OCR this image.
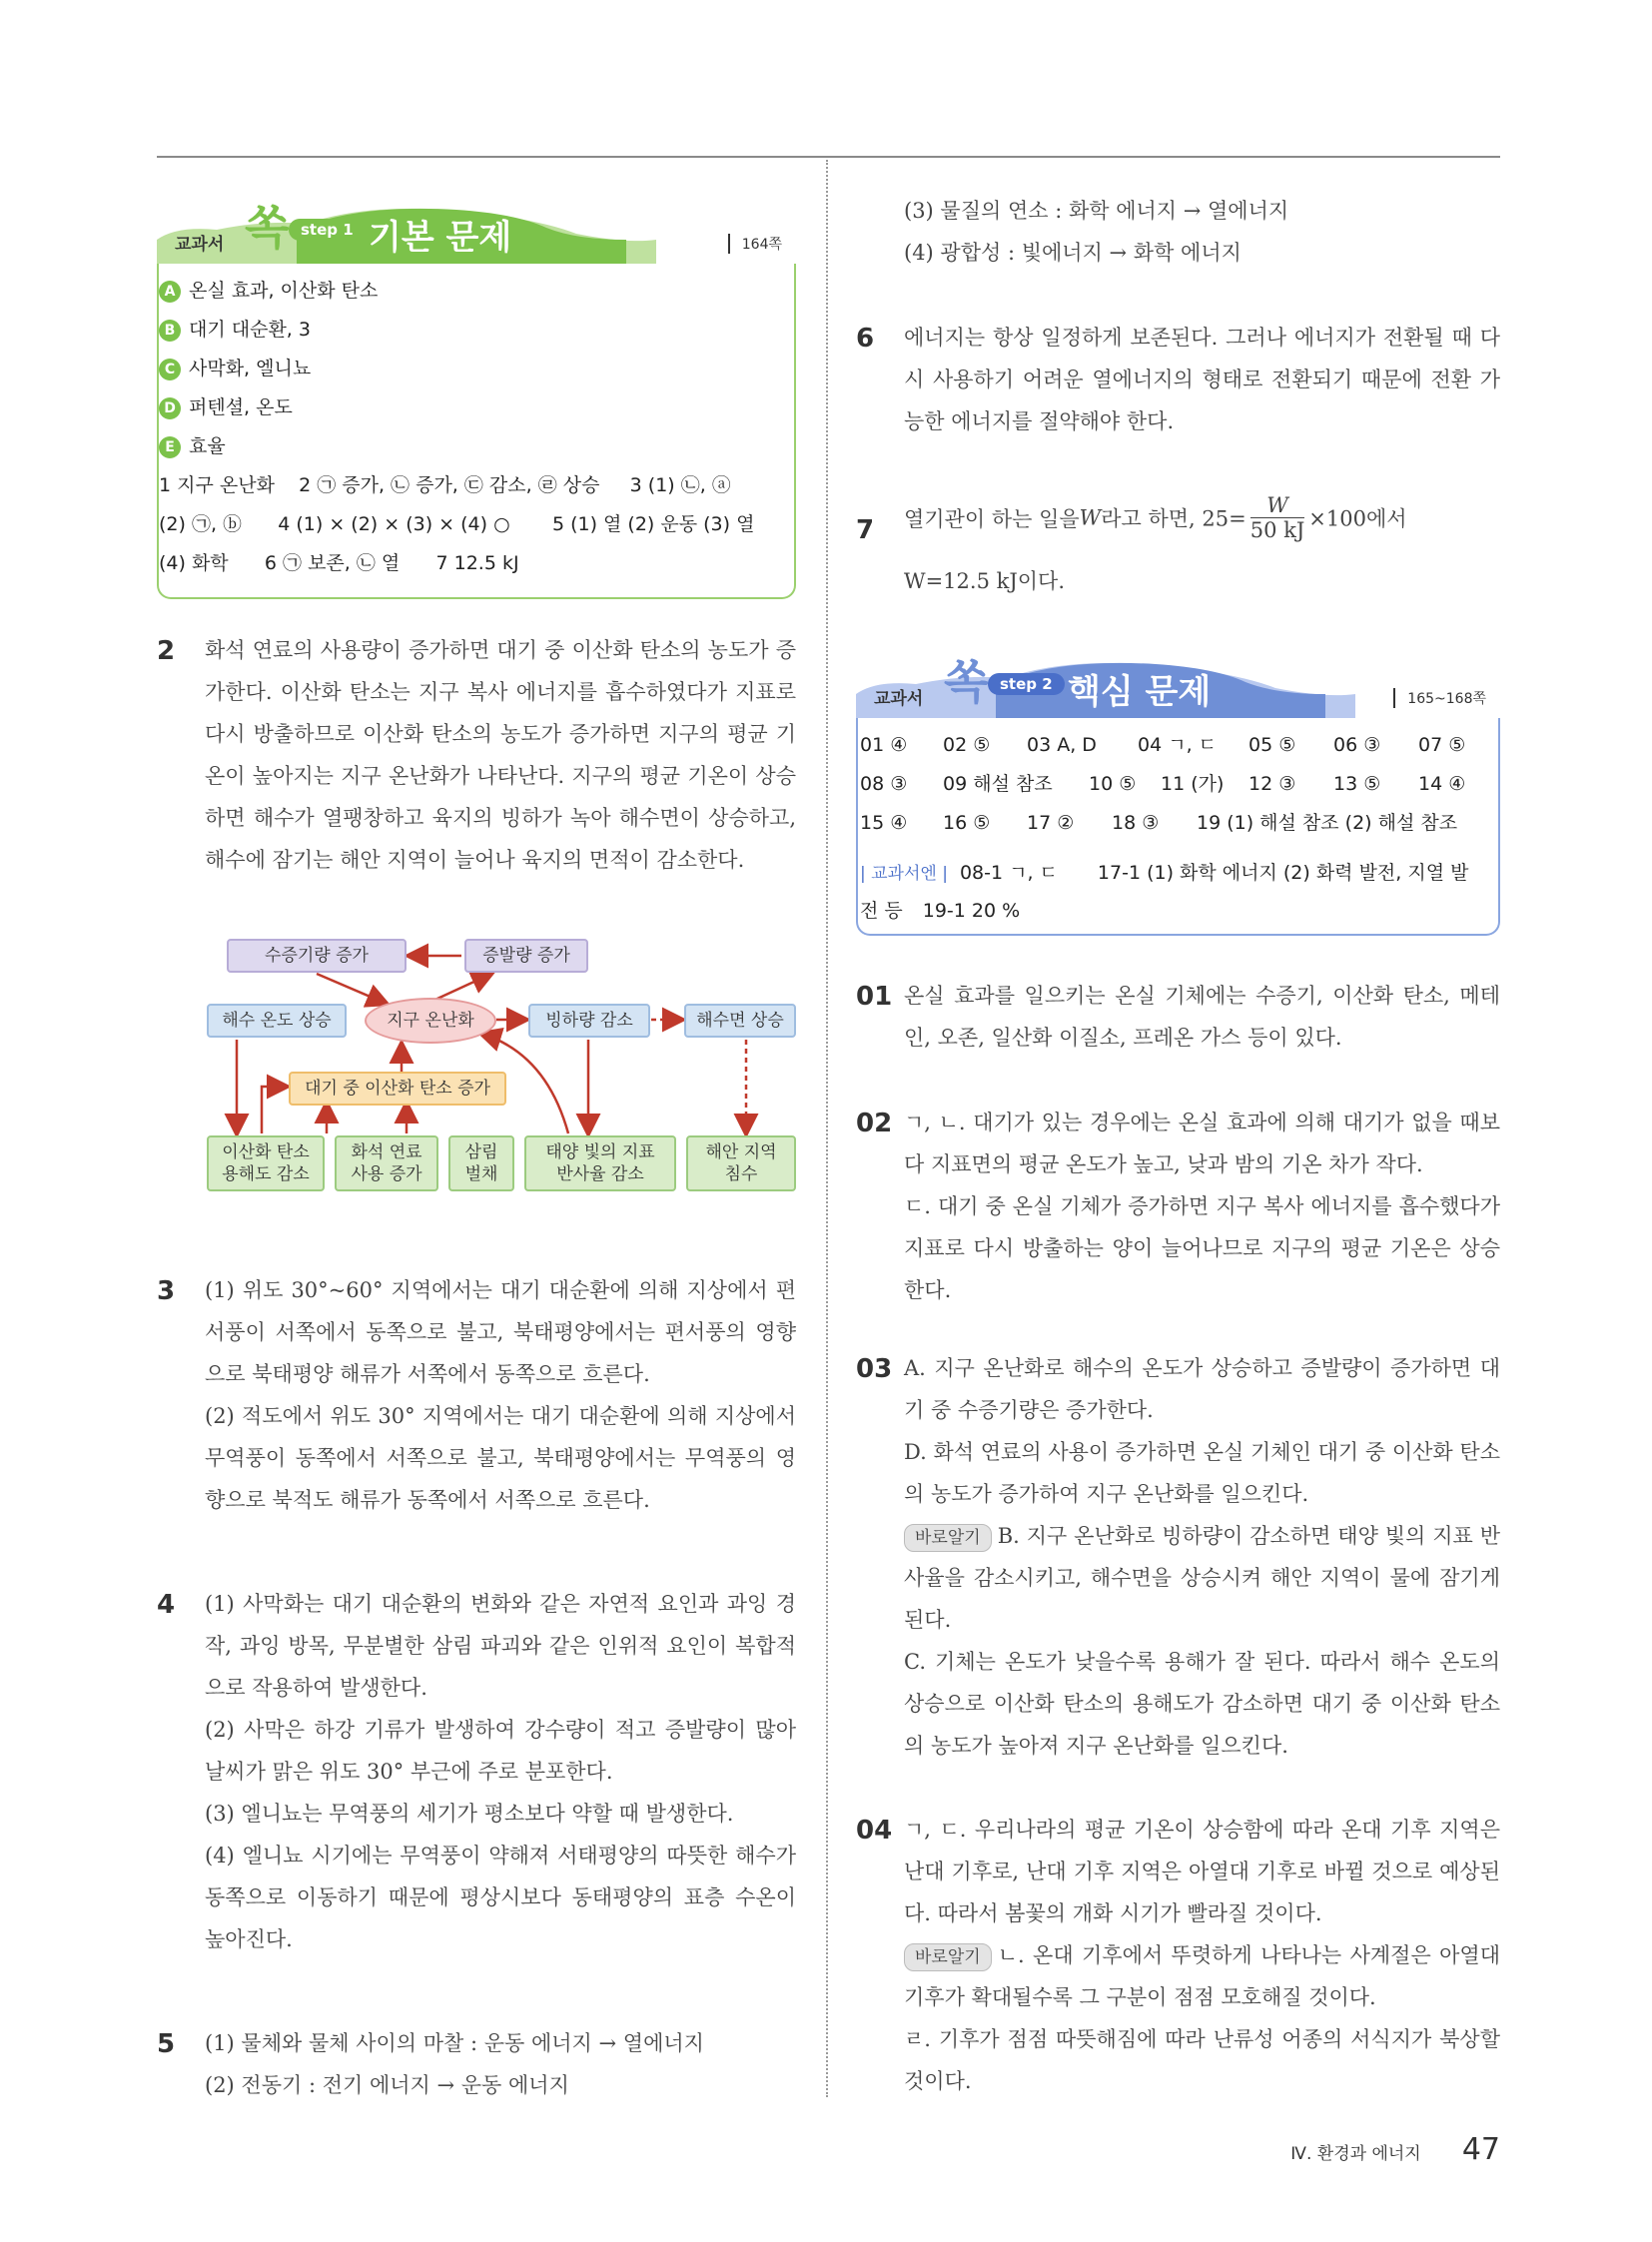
교과서 쏙 step 1 기본 문제	164쪽
A 온실 효과, 이산화 탄소
B 대기 대순환, 3
C 사막화, 엘니뇨
D 퍼텐셜, 온도
E 효율
1 지구 온난화    2 ㉠ 증가, ㉡ 증가, ㉢ 감소, ㉣ 상승     3 (1) ㉡, ⓐ
(2) ㉠, ⓑ      4 (1) × (2) × (3) × (4) ○       5 (1) 열 (2) 운동 (3) 열
(4) 화학      6 ㉠ 보존, ㉡ 열      7 12.5 kJ
2 화석 연료의 사용량이 증가하면 대기 중 이산화 탄소의 농도가 증가한다. 이산화 탄소는 지구 복사 에너지를 흡수하였다가 지표로 다시 방출하므로 이산화 탄소의 농도가 증가하면 지구의 평균 기온이 높아지는 지구 온난화가 나타난다. 지구의 평균 기온이 상승하면 해수가 열팽창하고 육지의 빙하가 녹아 해수면이 상승하고, 해수에 잠기는 해안 지역이 늘어나 육지의 면적이 감소한다.
수증기량 증가	증발량 증가
해수 온도 상승	지구 온난화	빙하량 감소	해수면 상승
대기 중 이산화 탄소 증가
이산화 탄소
용해도 감소
화석 연료
사용 증가
삼림
벌채
태양 빛의 지표
반사율 감소
해안 지역
침수
3 (1) 위도 30°~60° 지역에서는 대기 대순환에 의해 지상에서 편서풍이 서쪽에서 동쪽으로 불고, 북태평양에서는 편서풍의 영향으로 북태평양 해류가 서쪽에서 동쪽으로 흐른다.

(2) 적도에서 위도 30° 지역에서는 대기 대순환에 의해 지상에서 무역풍이 동쪽에서 서쪽으로 불고, 북태평양에서는 무역풍의 영향으로 북적도 해류가 동쪽에서 서쪽으로 흐른다.

4 (1) 사막화는 대기 대순환의 변화와 같은 자연적 요인과 과잉 경작, 과잉 방목, 무분별한 삼림 파괴와 같은 인위적 요인이 복합적으로 작용하여 발생한다.

(2) 사막은 하강 기류가 발생하여 강수량이 적고 증발량이 많아 날씨가 맑은 위도 30° 부근에 주로 분포한다.

(3) 엘니뇨는 무역풍의 세기가 평소보다 약할 때 발생한다.

(4) 엘니뇨 시기에는 무역풍이 약해져 서태평양의 따뜻한 해수가 동쪽으로 이동하기 때문에 평상시보다 동태평양의 표층 수온이 높아진다.

5 (1) 물체와 물체 사이의 마찰 : 운동 에너지 → 열에너지

(2) 전동기 : 전기 에너지 → 운동 에너지

(3) 물질의 연소 : 화학 에너지 → 열에너지

(4) 광합성 : 빛에너지 → 화학 에너지

6 에너지는 항상 일정하게 보존된다. 그러나 에너지가 전환될 때 다시 사용하기 어려운 열에너지의 형태로 전환되기 때문에 전환 가능한 에너지를 절약해야 한다.
7 열기관이 하는 일을W라고 하면, $25= \frac{W}{50 kJ} \times 100$에서
W=12.5 kJ이다.
교과서 쏙 step 2 핵심 문제	165~168쪽
01 ④ 02 ⑤ 03 A, D 04 ㄱ, ㄷ 05 ⑤ 06 ③ 07 ⑤
08 ③ 09 해설 참조 10 ⑤ 11 (가) 12 ③ 13 ⑤ 14 ④
15 ④ 16 ⑤ 17 ② 18 ③ 19 (1) 해설 참조 (2) 해설 참조
| 교과서엔 | 08-1 ㄱ, ㄷ 17-1 (1) 화학 에너지 (2) 화력 발전, 지열 발
전 등 19-1 20 %
01 온실 효과를 일으키는 온실 기체에는 수증기, 이산화 탄소, 메테인, 오존, 일산화 이질소, 프레온 가스 등이 있다.
02 ㄱ, ㄴ. 대기가 있는 경우에는 온실 효과에 의해 대기가 없을 때보다 지표면의 평균 온도가 높고, 낮과 밤의 기온 차가 작다.

ㄷ. 대기 중 온실 기체가 증가하면 지구 복사 에너지를 흡수했다가 지표로 다시 방출하는 양이 늘어나므로 지구의 평균 기온은 상승한다.

03 A. 지구 온난화로 해수의 온도가 상승하고 증발량이 증가하면 대기 중 수증기량은 증가한다.

D. 화석 연료의 사용이 증가하면 온실 기체인 대기 중 이산화 탄소의 농도가 증가하여 지구 온난화를 일으킨다.

바로알기 B. 지구 온난화로 빙하량이 감소하면 태양 빛의 지표 반사율을 감소시키고, 해수면을 상승시켜 해안 지역이 물에 잠기게 된다.

C. 기체는 온도가 낮을수록 용해가 잘 된다. 따라서 해수 온도의 상승으로 이산화 탄소의 용해도가 감소하면 대기 중 이산화 탄소의 농도가 높아져 지구 온난화를 일으킨다.

04 ㄱ, ㄷ. 우리나라의 평균 기온이 상승함에 따라 온대 기후 지역은 난대 기후로, 난대 기후 지역은 아열대 기후로 바뀔 것으로 예상된다. 따라서 봄꽃의 개화 시기가 빨라질 것이다.

바로알기 ㄴ. 온대 기후에서 뚜렷하게 나타나는 사계절은 아열대 기후가 확대될수록 그 구분이 점점 모호해질 것이다.

ㄹ. 기후가 점점 따뜻해짐에 따라 난류성 어종의 서식지가 북상할 것이다.

Ⅳ. 환경과 에너지 47
